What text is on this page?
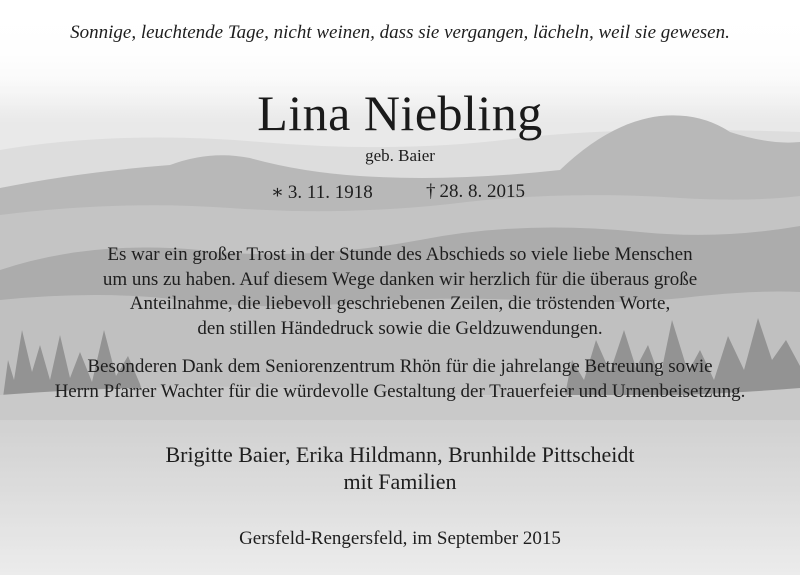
Sonnige, leuchtende Tage, nicht weinen, dass sie vergangen, lächeln, weil sie gewesen.
Lina Niebling
geb. Baier
∗ 3. 11. 1918	† 28. 8. 2015
Es war ein großer Trost in der Stunde des Abschieds so viele liebe Menschen
um uns zu haben. Auf diesem Wege danken wir herzlich für die überaus große
Anteilnahme, die liebevoll geschriebenen Zeilen, die tröstenden Worte,
den stillen Händedruck sowie die Geldzuwendungen.
Besonderen Dank dem Seniorenzentrum Rhön für die jahrelange Betreuung sowie
Herrn Pfarrer Wachter für die würdevolle Gestaltung der Trauerfeier und Urnenbeisetzung.
Brigitte Baier, Erika Hildmann, Brunhilde Pittscheidt
mit Familien
Gersfeld-Rengersfeld, im September 2015
